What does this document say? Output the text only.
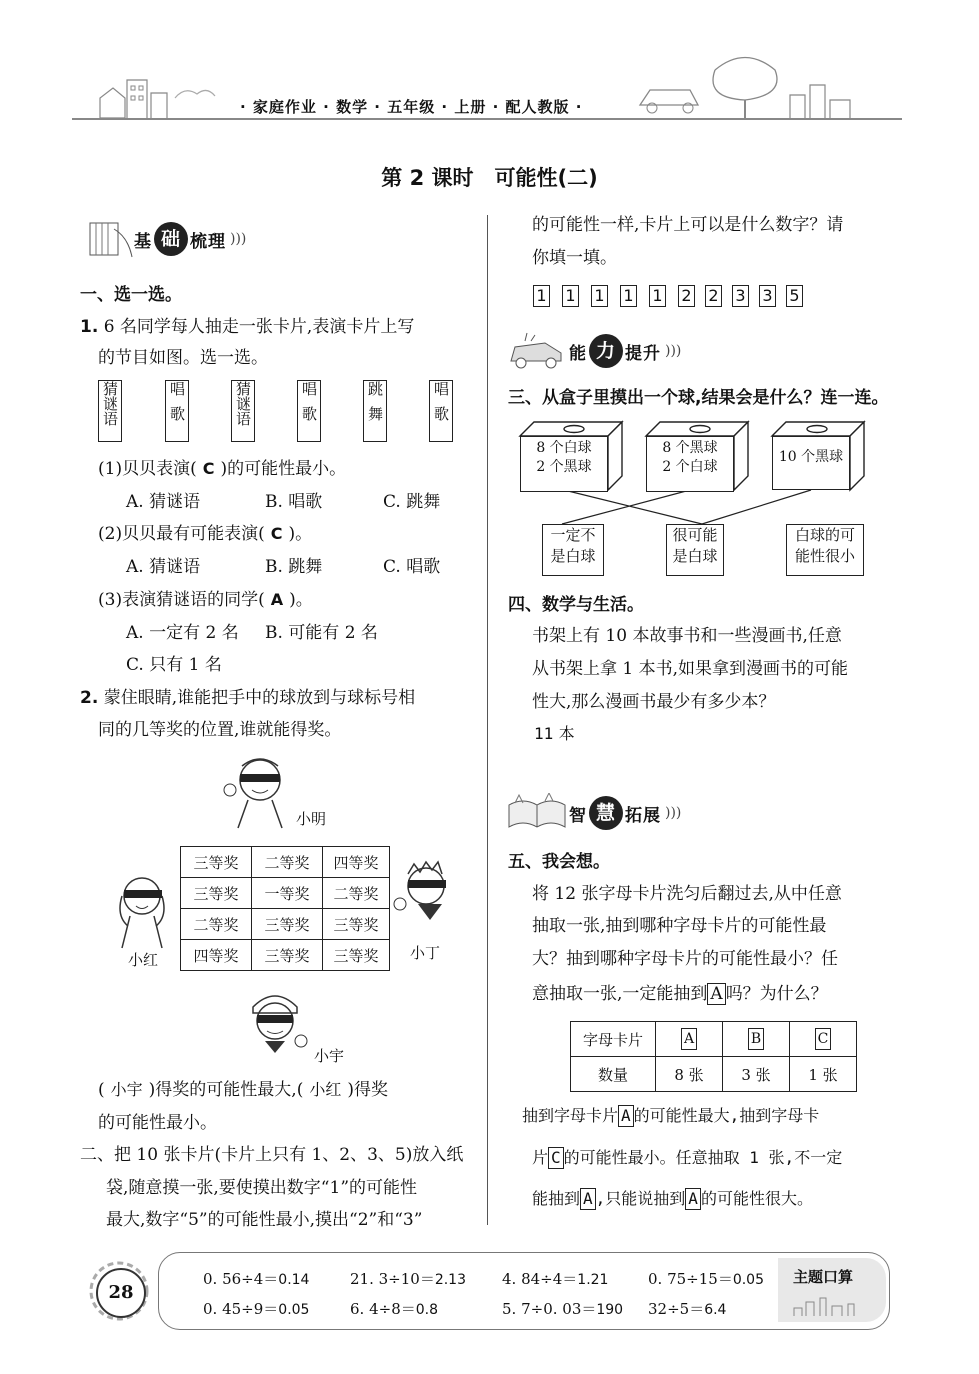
· 家庭作业 · 数学 · 五年级 · 上册 · 配人教版 ·
第 2 课时　可能性(二)
基 础 梳理 )))
一、选一选。
1. 6 名同学每人抽走一张卡片,表演卡片上写
的节目如图。选一选。
猜谜语	唱歌	猜谜语	唱歌	跳舞	唱歌
(1)贝贝表演( C )的可能性最小。
A. 猜谜语	B. 唱歌	C. 跳舞
(2)贝贝最有可能表演( C )。
A. 猜谜语	B. 跳舞	C. 唱歌
(3)表演猜谜语的同学( A )。
A. 一定有 2 名 B. 可能有 2 名
C. 只有 1 名
2. 蒙住眼睛,谁能把手中的球放到与球标号相
同的几等奖的位置,谁就能得奖。
小明
小红
三等奖	二等奖	四等奖
三等奖	一等奖	二等奖
二等奖	三等奖	三等奖
四等奖	三等奖	三等奖 小丁
小宇
( 小宇 )得奖的可能性最大,( 小红 )得奖
的可能性最小。
二、把 10 张卡片(卡片上只有 1、2、3、5)放入纸
袋,随意摸一张,要使摸出数字“1”的可能性
最大,数字“5”的可能性最小,摸出“2”和“3”
的可能性一样,卡片上可以是什么数字？请
你填一填。
1 1 1 1 1 2 2 3 3 5
能 力 提升 )))
三、从盒子里摸出一个球,结果会是什么？连一连。
8 个白球
2 个黑球
8 个黑球
2 个白球
10 个黑球
一定不
是白球
很可能
是白球
白球的可
能性很小
四、数学与生活。
书架上有 10 本故事书和一些漫画书,任意
从书架上拿 1 本书,如果拿到漫画书的可能
性大,那么漫画书最少有多少本？
11 本
智 慧 拓展 )))
五、我会想。
将 12 张字母卡片洗匀后翻过去,从中任意
抽取一张,抽到哪种字母卡片的可能性最
大？抽到哪种字母卡片的可能性最小？任
意抽取一张,一定能抽到 A 吗？为什么？
字母卡片	A	B	C
数量	8 张	3 张	1 张
抽到字母卡片 A 的可能性最大,抽到字母卡
片 C 的可能性最小。任意抽取 1 张,不一定
能抽到 A ,只能说抽到 A 的可能性很大。
28
主题口算
0. 56÷4＝0.14	21. 3÷10＝2.13 4. 84÷4＝1.21	0. 75÷15＝0.05
0. 45÷9＝0.05	6. 4÷8＝0.8	5. 7÷0. 03＝190 32÷5＝6.4
